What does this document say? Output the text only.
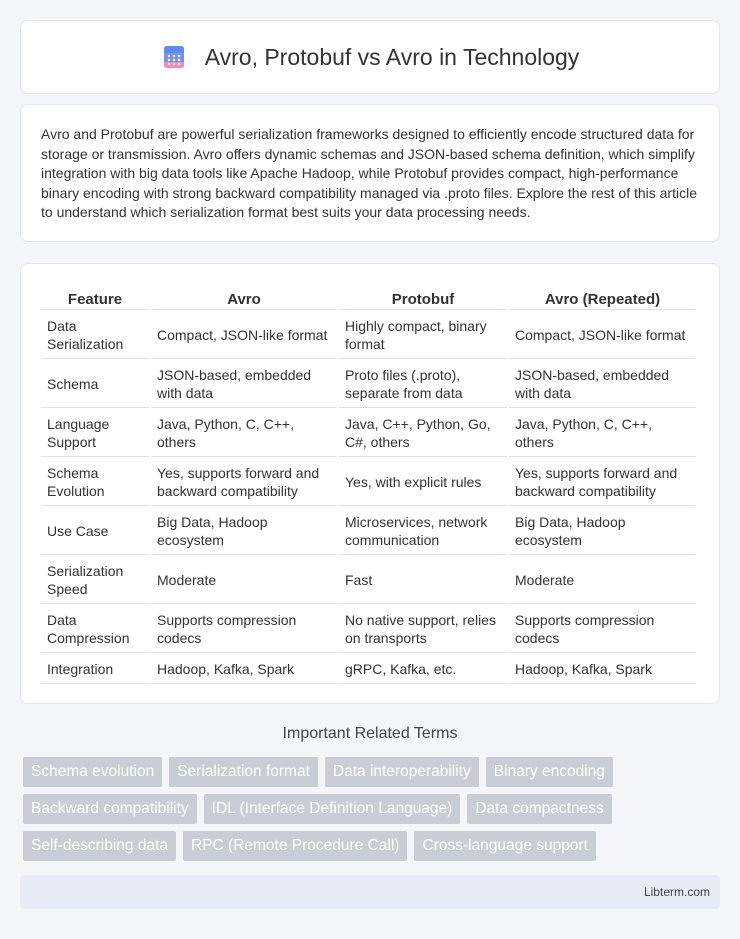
Avro, Protobuf vs Avro in Technology

Avro and Protobuf are powerful serialization frameworks designed to efficiently encode structured data for storage or transmission. Avro offers dynamic schemas and JSON-based schema definition, which simplify integration with big data tools like Apache Hadoop, while Protobuf provides compact, high-performance binary encoding with strong backward compatibility managed via .proto files. Explore the rest of this article to understand which serialization format best suits your data processing needs.

Feature	Avro	Protobuf	Avro (Repeated)
Data Serialization	Compact, JSON-like format	Highly compact, binary format	Compact, JSON-like format
Schema	JSON-based, embedded with data	Proto files (.proto), separate from data	JSON-based, embedded with data
Language Support	Java, Python, C, C++, others	Java, C++, Python, Go, C#, others	Java, Python, C, C++, others
Schema Evolution	Yes, supports forward and backward compatibility	Yes, with explicit rules	Yes, supports forward and backward compatibility
Use Case	Big Data, Hadoop ecosystem	Microservices, network communication	Big Data, Hadoop ecosystem
Serialization Speed	Moderate	Fast	Moderate
Data Compression	Supports compression codecs	No native support, relies on transports	Supports compression codecs
Integration	Hadoop, Kafka, Spark	gRPC, Kafka, etc.	Hadoop, Kafka, Spark
Important Related Terms
Schema evolution	Serialization format	Data interoperability	Binary encoding
Backward compatibility	IDL (Interface Definition Language)	Data compactness
Self-describing data	RPC (Remote Procedure Call)	Cross-language support
Libterm.com
